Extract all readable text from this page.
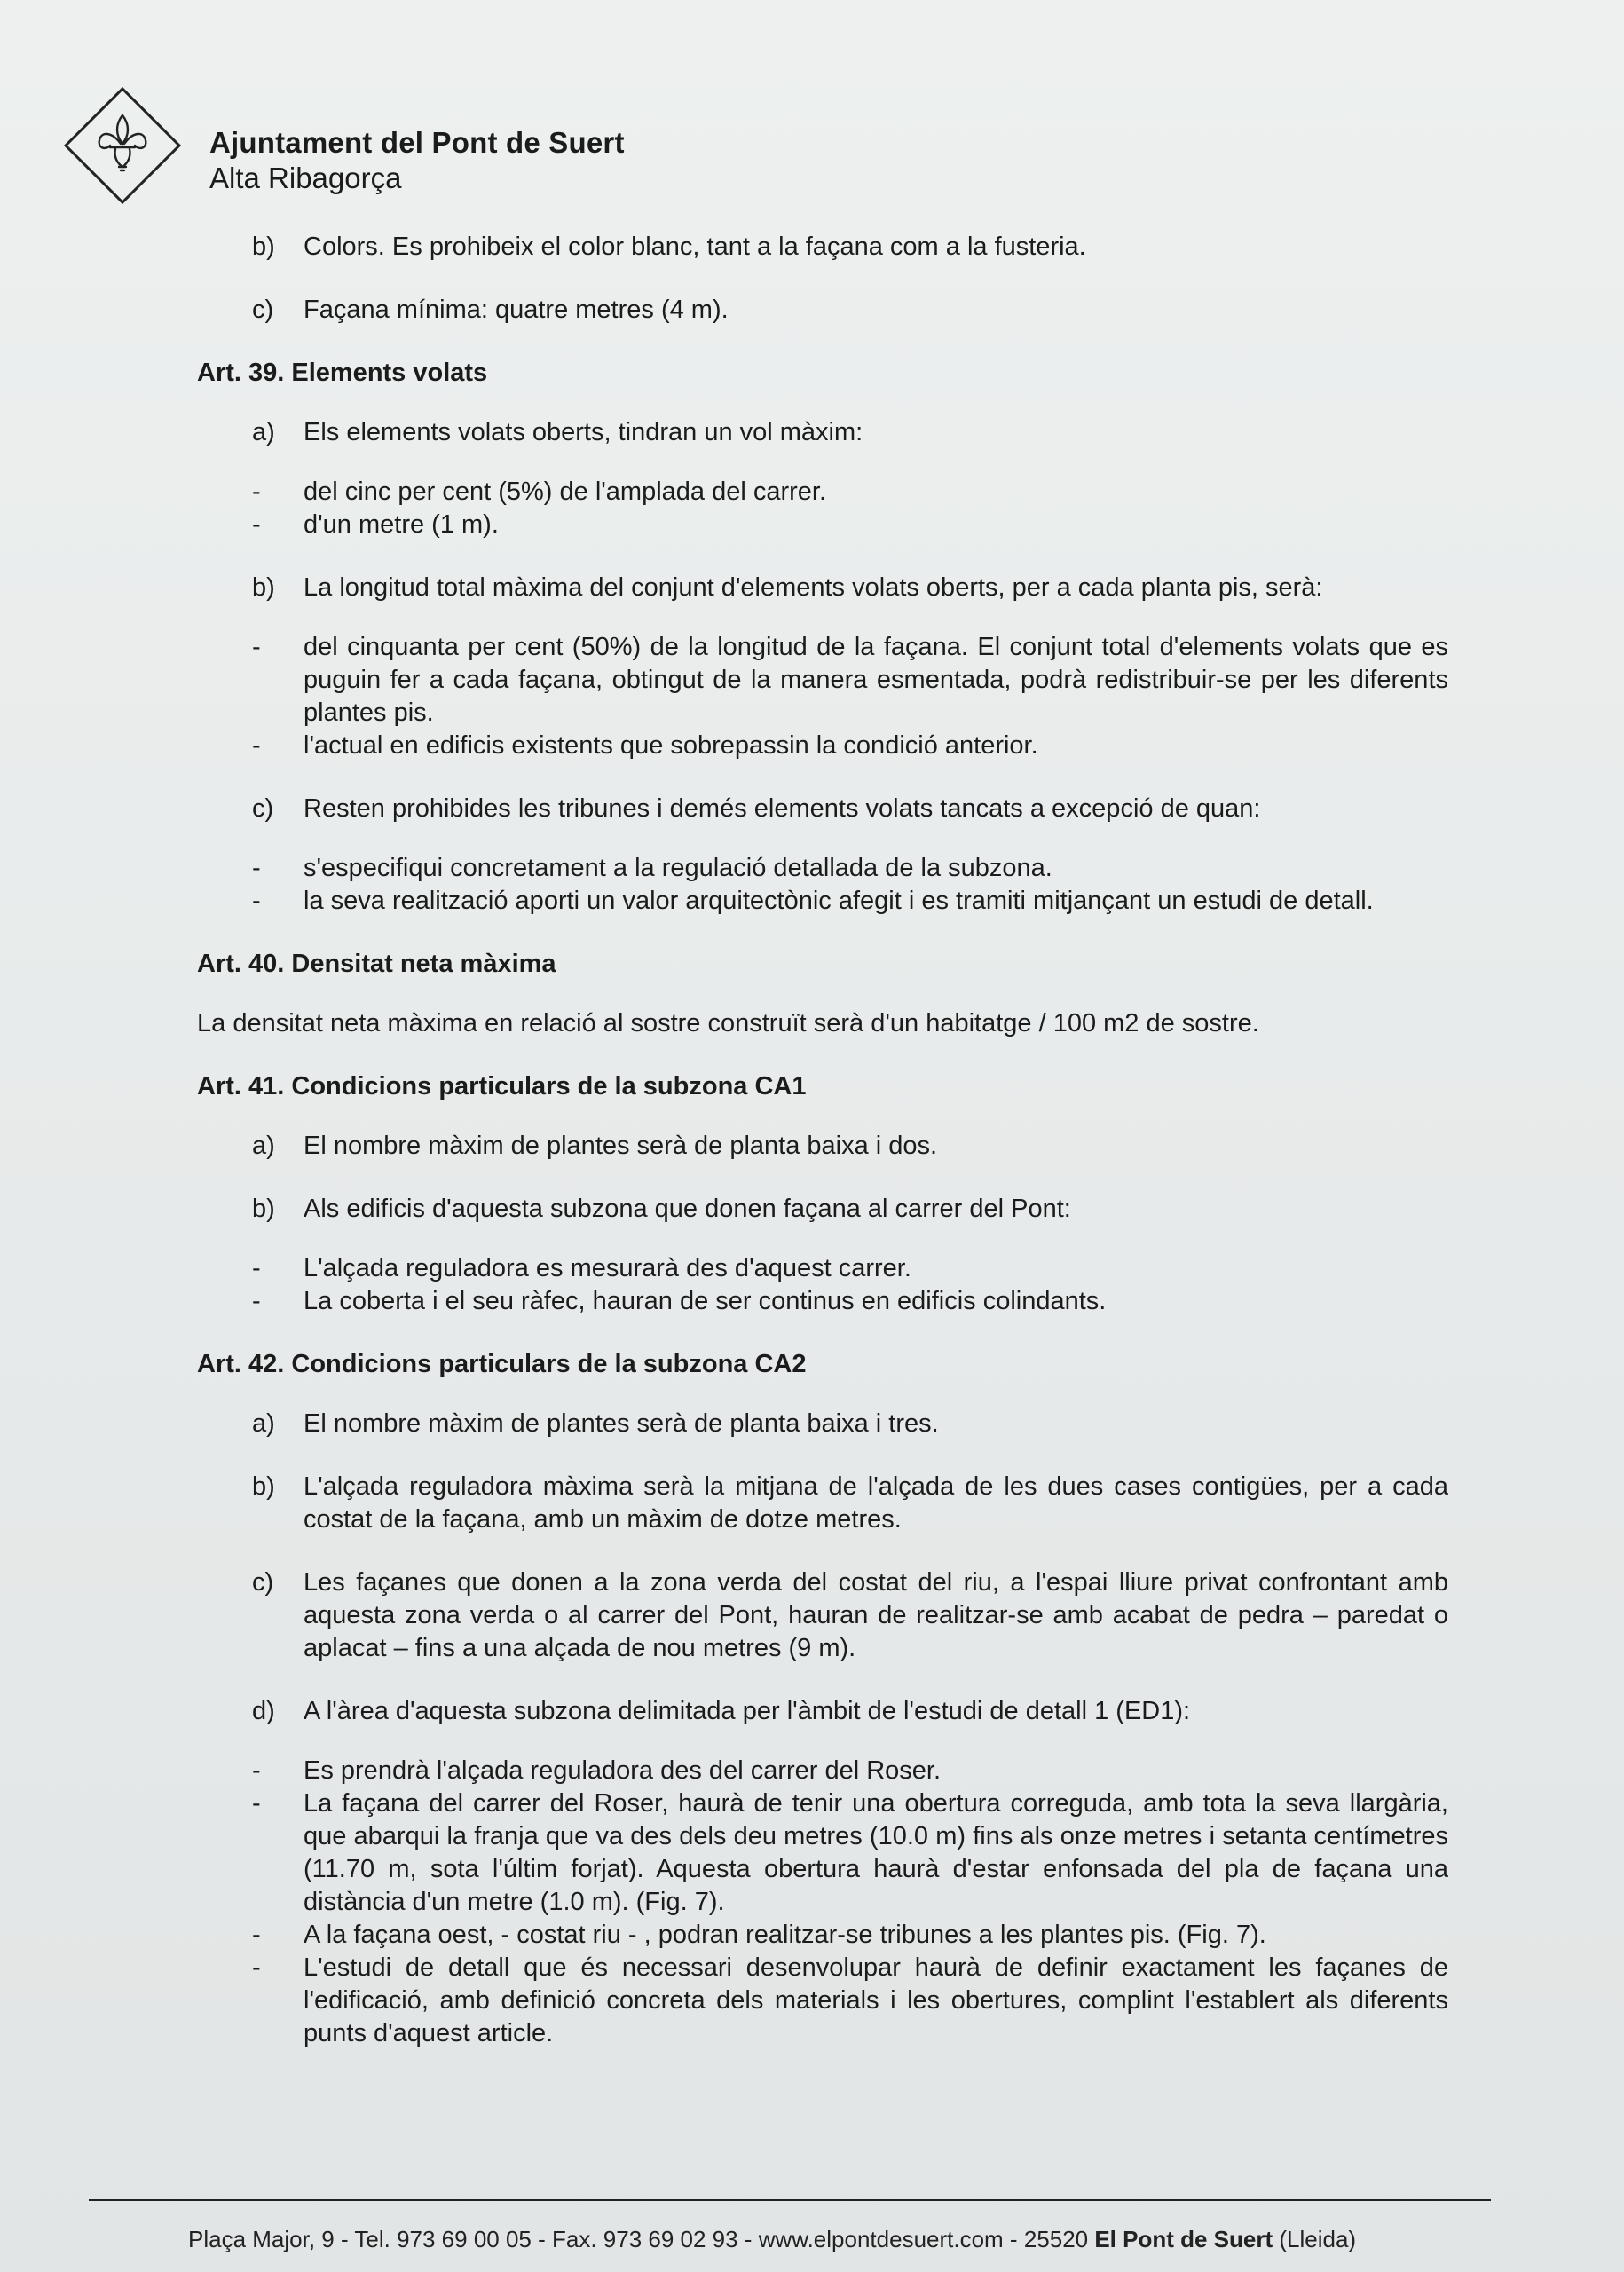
Ajuntament del Pont de Suert
Alta Ribagorça
b)	Colors. Es prohibeix el color blanc, tant a la façana com a la fusteria.
c)	Façana mínima: quatre metres (4 m).
Art. 39. Elements volats
a)	Els elements volats oberts, tindran un vol màxim:
-	del cinc per cent (5%) de l'amplada del carrer.
-	d'un metre (1 m).
b)	La longitud total màxima del conjunt d'elements volats oberts, per a cada planta pis, serà:
-	del cinquanta per cent (50%) de la longitud de la façana. El conjunt total d'elements volats que es puguin fer a cada façana, obtingut de la manera esmentada, podrà redistribuir-se per les diferents plantes pis.
-	l'actual en edificis existents que sobrepassin la condició anterior.
c)	Resten prohibides les tribunes i demés elements volats tancats a excepció de quan:
-	s'especifiqui concretament a la regulació detallada de la subzona.
-	la seva realització aporti un valor arquitectònic afegit i es tramiti mitjançant un estudi de detall.
Art. 40. Densitat neta màxima
La densitat neta màxima en relació al sostre construït serà d'un habitatge / 100 m2 de sostre.
Art. 41. Condicions particulars de la subzona CA1
a)	El nombre màxim de plantes serà de planta baixa i dos.
b)	Als edificis d'aquesta subzona que donen façana al carrer del Pont:
-	L'alçada reguladora es mesurarà des d'aquest carrer.
-	La coberta i el seu ràfec, hauran de ser continus en edificis colindants.
Art. 42. Condicions particulars de la subzona CA2
a)	El nombre màxim de plantes serà de planta baixa i tres.
b)	L'alçada reguladora màxima serà la mitjana de l'alçada de les dues cases contigües, per a cada costat de la façana, amb un màxim de dotze metres.
c)	Les façanes que donen a la zona verda del costat del riu, a l'espai lliure privat confrontant amb aquesta zona verda o al carrer del Pont, hauran de realitzar-se amb acabat de pedra – paredat o aplacat – fins a una alçada de nou metres (9 m).
d)	A l'àrea d'aquesta subzona delimitada per l'àmbit de l'estudi de detall 1 (ED1):
-	Es prendrà l'alçada reguladora des del carrer del Roser.
-	La façana del carrer del Roser, haurà de tenir una obertura correguda, amb tota la seva llargària, que abarqui la franja que va des dels deu metres (10.0 m) fins als onze metres i setanta centímetres (11.70 m, sota l'últim forjat). Aquesta obertura haurà d'estar enfonsada del pla de façana una distància d'un metre (1.0 m). (Fig. 7).
-	A la façana oest, - costat riu - , podran realitzar-se tribunes a les plantes pis. (Fig. 7).
-	L'estudi de detall que és necessari desenvolupar haurà de definir exactament les façanes de l'edificació, amb definició concreta dels materials i les obertures, complint l'establert als diferents punts d'aquest article.
Plaça Major, 9 - Tel. 973 69 00 05 - Fax. 973 69 02 93 - www.elpontdesuert.com - 25520 El Pont de Suert (Lleida)
